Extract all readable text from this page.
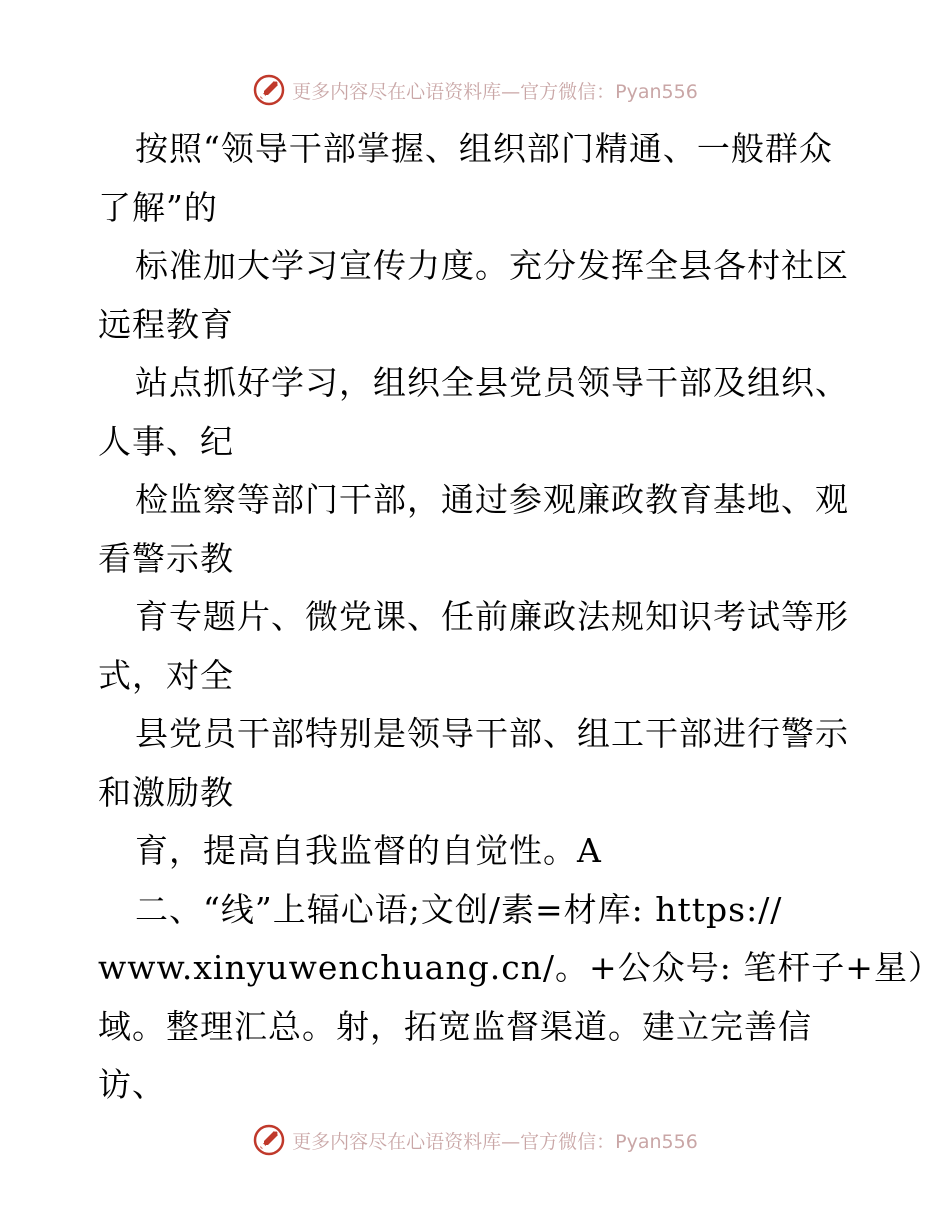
更多内容尽在心语资料库—官方微信：Pyan556
按照“领导干部掌握、组织部门精通、一般群众
了解”的
标准加大学习宣传力度。充分发挥全县各村社区
远程教育
站点抓好学习，组织全县党员领导干部及组织、
人事、纪
检监察等部门干部，通过参观廉政教育基地、观
看警示教
育专题片、微党课、任前廉政法规知识考试等形
式，对全
县党员干部特别是领导干部、组工干部进行警示
和激励教
育，提高自我监督的自觉性。A
二、“线”上辐心语;文创/素=材库: https://
www.xinyuwenchuang.cn/。+公众号: 笔杆子+星）
域。整理汇总。射，拓宽监督渠道。建立完善信
访、
更多内容尽在心语资料库—官方微信：Pyan556
